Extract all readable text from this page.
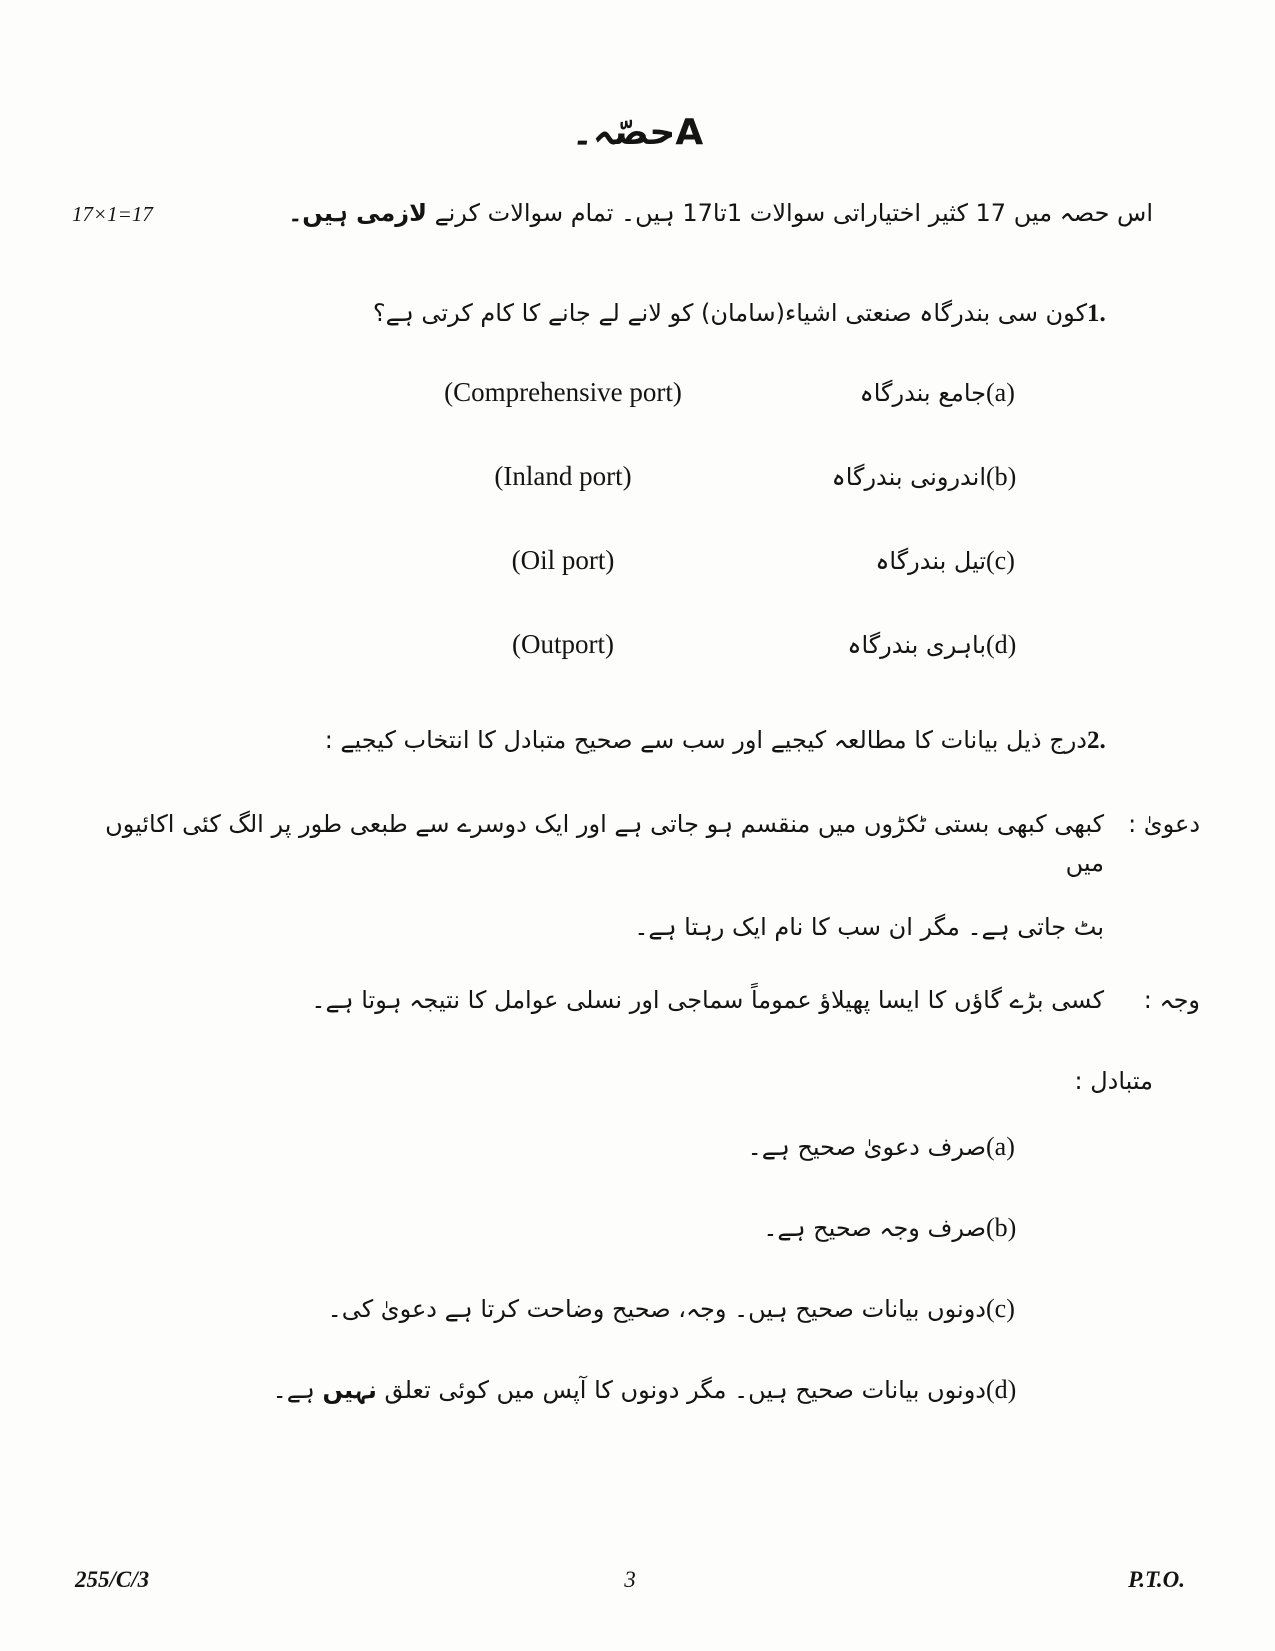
حصّہ۔A
17×1=17	اس حصہ میں 17 کثیر اختیاراتی سوالات 1تا17 ہیں۔ تمام سوالات کرنے لازمی ہیں۔
1.
کون سی بندرگاہ صنعتی اشیاء(سامان) کو لانے لے جانے کا کام کرتی ہے؟
(a)
جامع بندرگاہ
(Comprehensive port)
(b)
اندرونی بندرگاہ
(Inland port)
(c)
تیل بندرگاہ
(Oil port)
(d)
باہری بندرگاہ
(Outport)
2.
درج ذیل بیانات کا مطالعہ کیجیے اور سب سے صحیح متبادل کا انتخاب کیجیے :
دعویٰ :
کبھی کبھی بستی ٹکڑوں میں منقسم ہو جاتی ہے اور ایک دوسرے سے طبعی طور پر الگ کئی اکائیوں میں
بٹ جاتی ہے۔ مگر ان سب کا نام ایک رہتا ہے۔
وجہ :
کسی بڑے گاؤں کا ایسا پھیلاؤ عموماً سماجی اور نسلی عوامل کا نتیجہ ہوتا ہے۔
متبادل :
(a)
صرف دعویٰ صحیح ہے۔
(b)
صرف وجہ صحیح ہے۔
(c)
دونوں بیانات صحیح ہیں۔ وجہ، صحیح وضاحت کرتا ہے دعویٰ کی۔
(d)
دونوں بیانات صحیح ہیں۔ مگر دونوں کا آپس میں کوئی تعلق نہیں ہے۔
255/C/3	3	P.T.O.
